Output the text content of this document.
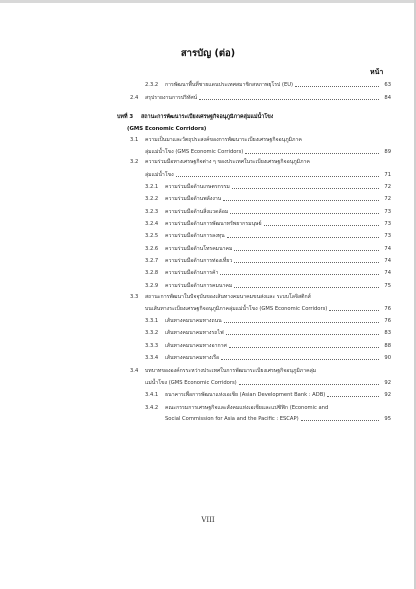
สารบัญ (ต่อ)
หน้า
2.3.2 การพัฒนาพื้นที่ชายแดนประเทศสมาชิกสหภาพยุโรป (EU)	63
2.4 สรุปรายงานการปริทัศน์	84
บทที่ 3 สถานะการพัฒนาระเบียงเศรษฐกิจอนุภูมิภาคลุ่มแม่น้ำโขง
(GMS Economic Corridors)
3.1 ความเป็นมาและวัตถุประสงค์ของการพัฒนาระเบียงเศรษฐกิจอนุภูมิภาค
ลุ่มแม่น้ำโขง (GMS Economic Corridors)	89
3.2 ความร่วมมือทางเศรษฐกิจต่าง ๆ ของประเทศในระเบียงเศรษฐกิจอนุภูมิภาค
ลุ่มแม่น้ำโขง	71
3.2.1 ความร่วมมือด้านเกษตรกรรม	72
3.2.2 ความร่วมมือด้านพลังงาน	72
3.2.3 ความร่วมมือด้านสิ่งแวดล้อม	73
3.2.4 ความร่วมมือด้านการพัฒนาทรัพยากรมนุษย์	73
3.2.5 ความร่วมมือด้านการลงทุน	73
3.2.6 ความร่วมมือด้านโทรคมนาคม	74
3.2.7 ความร่วมมือด้านการท่องเที่ยว	74
3.2.8 ความร่วมมือด้านการค้า	74
3.2.9 ความร่วมมือด้านการคมนาคม	75
3.3 สถานะการพัฒนาในปัจจุบันของเส้นทางคมนาคมขนส่งและ ระบบโลจิสติกส์
บนเส้นทางระเบียงเศรษฐกิจอนุภูมิภาคลุ่มแม่น้ำโขง (GMS Economic Corridors)	76
3.3.1 เส้นทางคมนาคมทางถนน	76
3.3.2 เส้นทางคมนาคมทางรถไฟ	83
3.3.3 เส้นทางคมนาคมทางอากาศ	88
3.3.4 เส้นทางคมนาคมทางเรือ	90
3.4 บทบาทขององค์กรระหว่างประเทศในการพัฒนาระเบียงเศรษฐกิจอนุภูมิภาคลุ่ม
แม่น้ำโขง (GMS Economic Corridors)	92
3.4.1 ธนาคารเพื่อการพัฒนาแห่งเอเชีย (Asian Development Bank : ADB)	92
3.4.2 คณะกรรมการเศรษฐกิจและสังคมแห่งเอเชียและแปซิฟิก (Economic and
Social Commission for Asia and the Pacific : ESCAP)	95
VIII
